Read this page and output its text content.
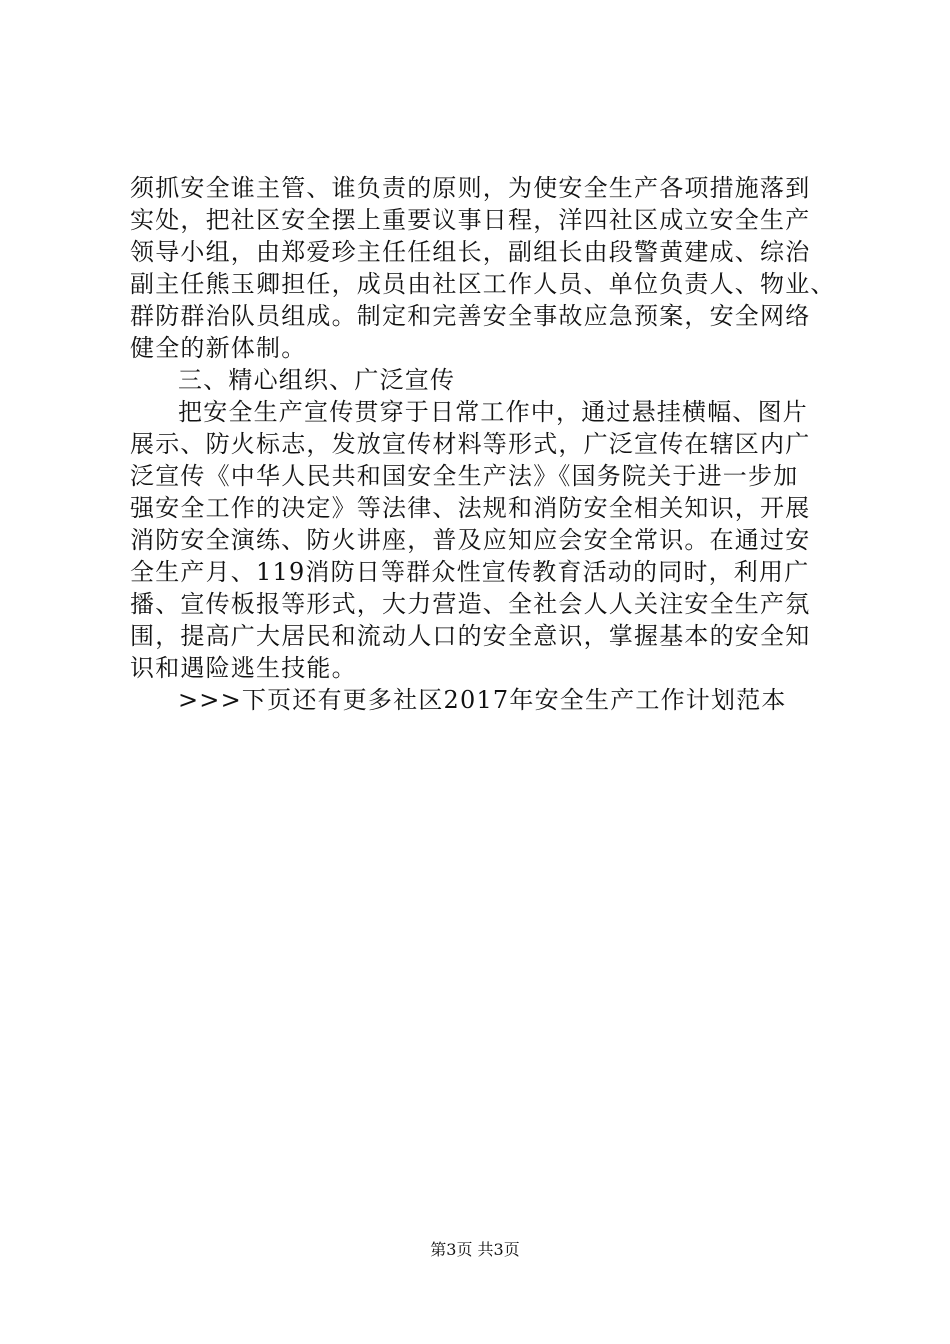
须抓安全谁主管、谁负责的原则，为使安全生产各项措施落到
实处，把社区安全摆上重要议事日程，洋四社区成立安全生产
领导小组，由郑爱珍主任任组长，副组长由段警黄建成、综治
副主任熊玉卿担任，成员由社区工作人员、单位负责人、物业、
群防群治队员组成。制定和完善安全事故应急预案，安全网络
健全的新体制。
三、精心组织、广泛宣传
把安全生产宣传贯穿于日常工作中，通过悬挂横幅、图片
展示、防火标志，发放宣传材料等形式，广泛宣传在辖区内广
泛宣传《中华人民共和国安全生产法》《国务院关于进一步加
强安全工作的决定》等法律、法规和消防安全相关知识，开展
消防安全演练、防火讲座，普及应知应会安全常识。在通过安
全生产月、119消防日等群众性宣传教育活动的同时，利用广
播、宣传板报等形式，大力营造、全社会人人关注安全生产氛
围，提高广大居民和流动人口的安全意识，掌握基本的安全知
识和遇险逃生技能。
>>>下页还有更多社区2017年安全生产工作计划范本
第3页 共3页
